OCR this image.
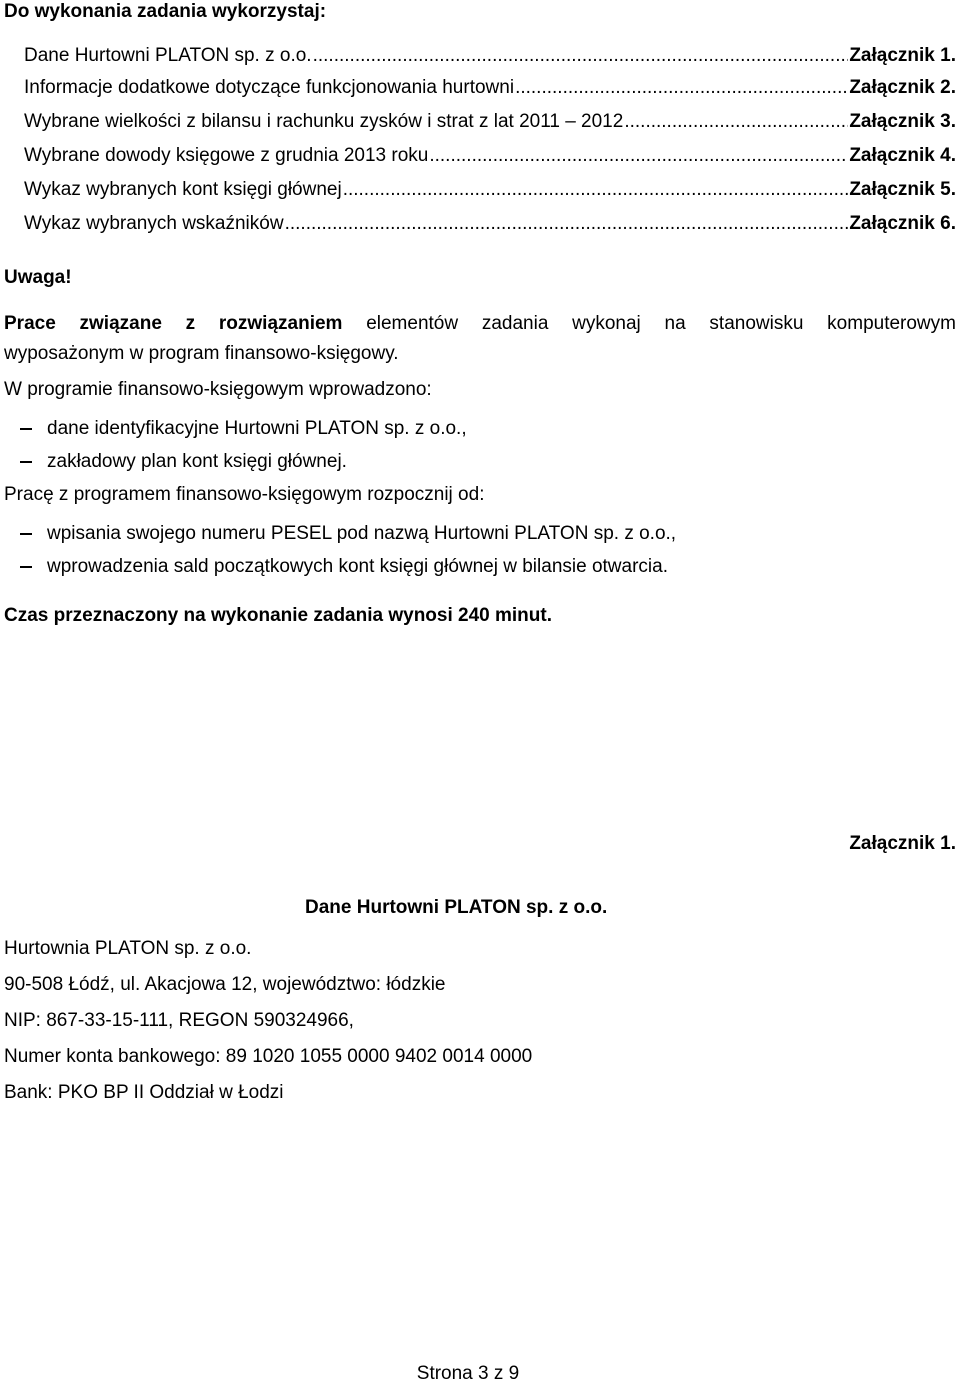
Do wykonania zadania wykorzystaj:
Dane Hurtowni PLATON sp. z o.o. .....	Załącznik 1.
Informacje dodatkowe dotyczące funkcjonowania hurtowni .....	Załącznik 2.
Wybrane wielkości z bilansu i rachunku zysków i strat z lat 2011 – 2012 .....	Załącznik 3.
Wybrane dowody księgowe z grudnia 2013 roku .....	Załącznik 4.
Wykaz wybranych kont księgi głównej .....	Załącznik 5.
Wykaz wybranych wskaźników .....	Załącznik 6.
Uwaga!
Prace związane z rozwiązaniem elementów zadania wykonaj na stanowisku komputerowym
wyposażonym w program finansowo-księgowy.
W programie finansowo-księgowym wprowadzono:
dane identyfikacyjne Hurtowni PLATON sp. z o.o.,
zakładowy plan kont księgi głównej.
Pracę z programem finansowo-księgowym rozpocznij od:
wpisania swojego numeru PESEL pod nazwą Hurtowni PLATON sp. z o.o.,
wprowadzenia sald początkowych kont księgi głównej w bilansie otwarcia.
Czas przeznaczony na wykonanie zadania wynosi 240 minut.
Załącznik 1.
Dane Hurtowni PLATON sp. z o.o.
Hurtownia PLATON sp. z o.o.
90-508 Łódź, ul. Akacjowa 12, województwo: łódzkie
NIP: 867-33-15-111, REGON 590324966,
Numer konta bankowego: 89 1020 1055 0000 9402 0014 0000
Bank: PKO BP II Oddział w Łodzi
Strona 3 z 9
